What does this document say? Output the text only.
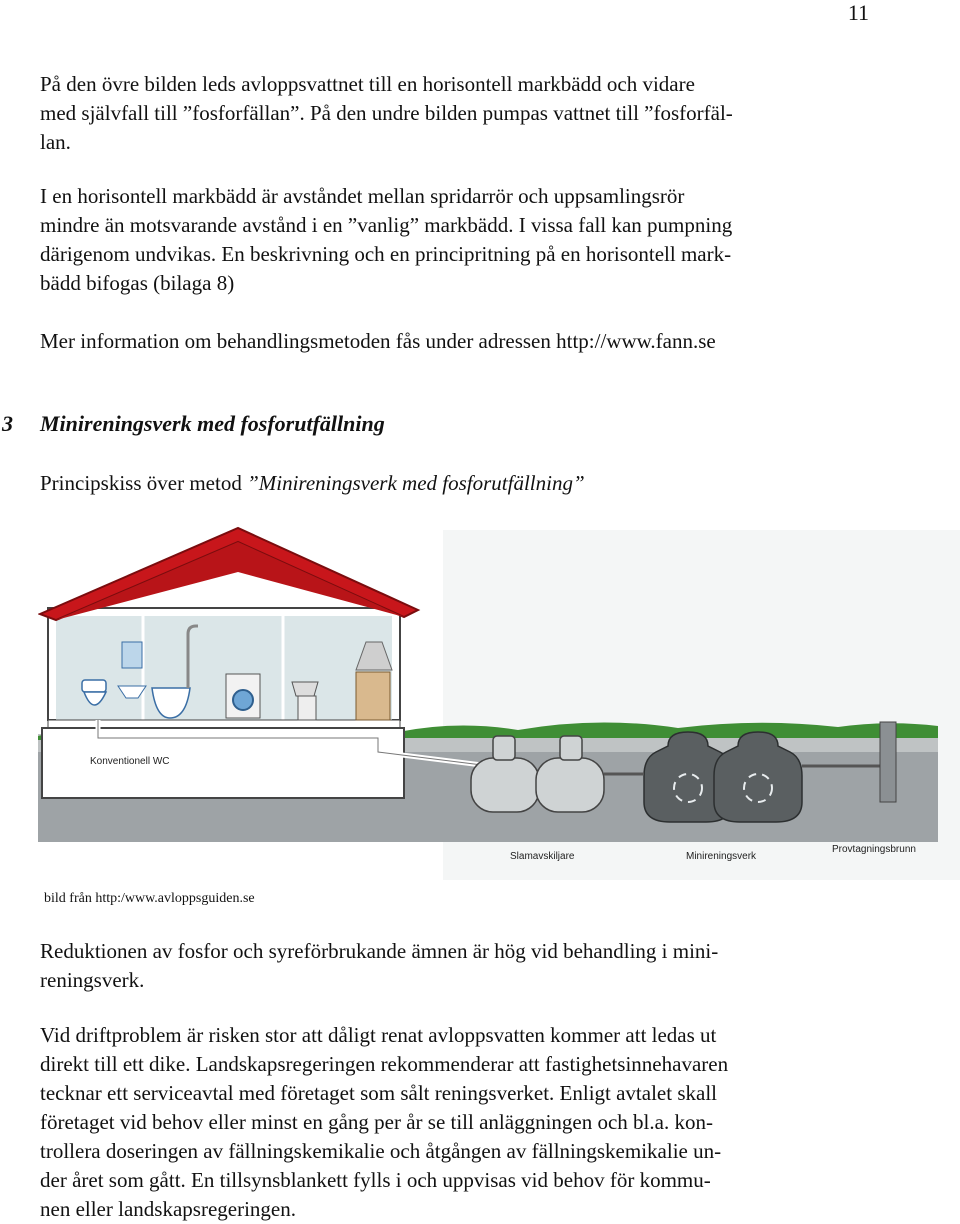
11

På den övre bilden leds avloppsvattnet till en horisontell markbädd och vidare
med självfall till ”fosforfällan”. På den undre bilden pumpas vattnet till ”fosforfäl-
lan.

I en horisontell markbädd är avståndet mellan spridarrör och uppsamlingsrör
mindre än motsvarande avstånd i en ”vanlig” markbädd. I vissa fall kan pumpning
därigenom undvikas. En beskrivning och en principritning på en horisontell mark-
bädd bifogas (bilaga 8)

Mer information om behandlingsmetoden fås under adressen http://www.fann.se

3 Minireningsverk med fosforutfällning

Principskiss över metod ”Minireningsverk med fosforutfällning”

Konventionell WC
Slamavskiljare	Minireningsverk
Provtagningsbrunn
bild från http:/www.avloppsguiden.se

Reduktionen av fosfor och syreförbrukande ämnen är hög vid behandling i mini-
reningsverk.

Vid driftproblem är risken stor att dåligt renat avloppsvatten kommer att ledas ut
direkt till ett dike. Landskapsregeringen rekommenderar att fastighetsinnehavaren
tecknar ett serviceavtal med företaget som sålt reningsverket. Enligt avtalet skall
företaget vid behov eller minst en gång per år se till anläggningen och bl.a. kon-
trollera doseringen av fällningskemikalie och åtgången av fällningskemikalie un-
der året som gått. En tillsynsblankett fylls i och uppvisas vid behov för kommu-
nen eller landskapsregeringen.
